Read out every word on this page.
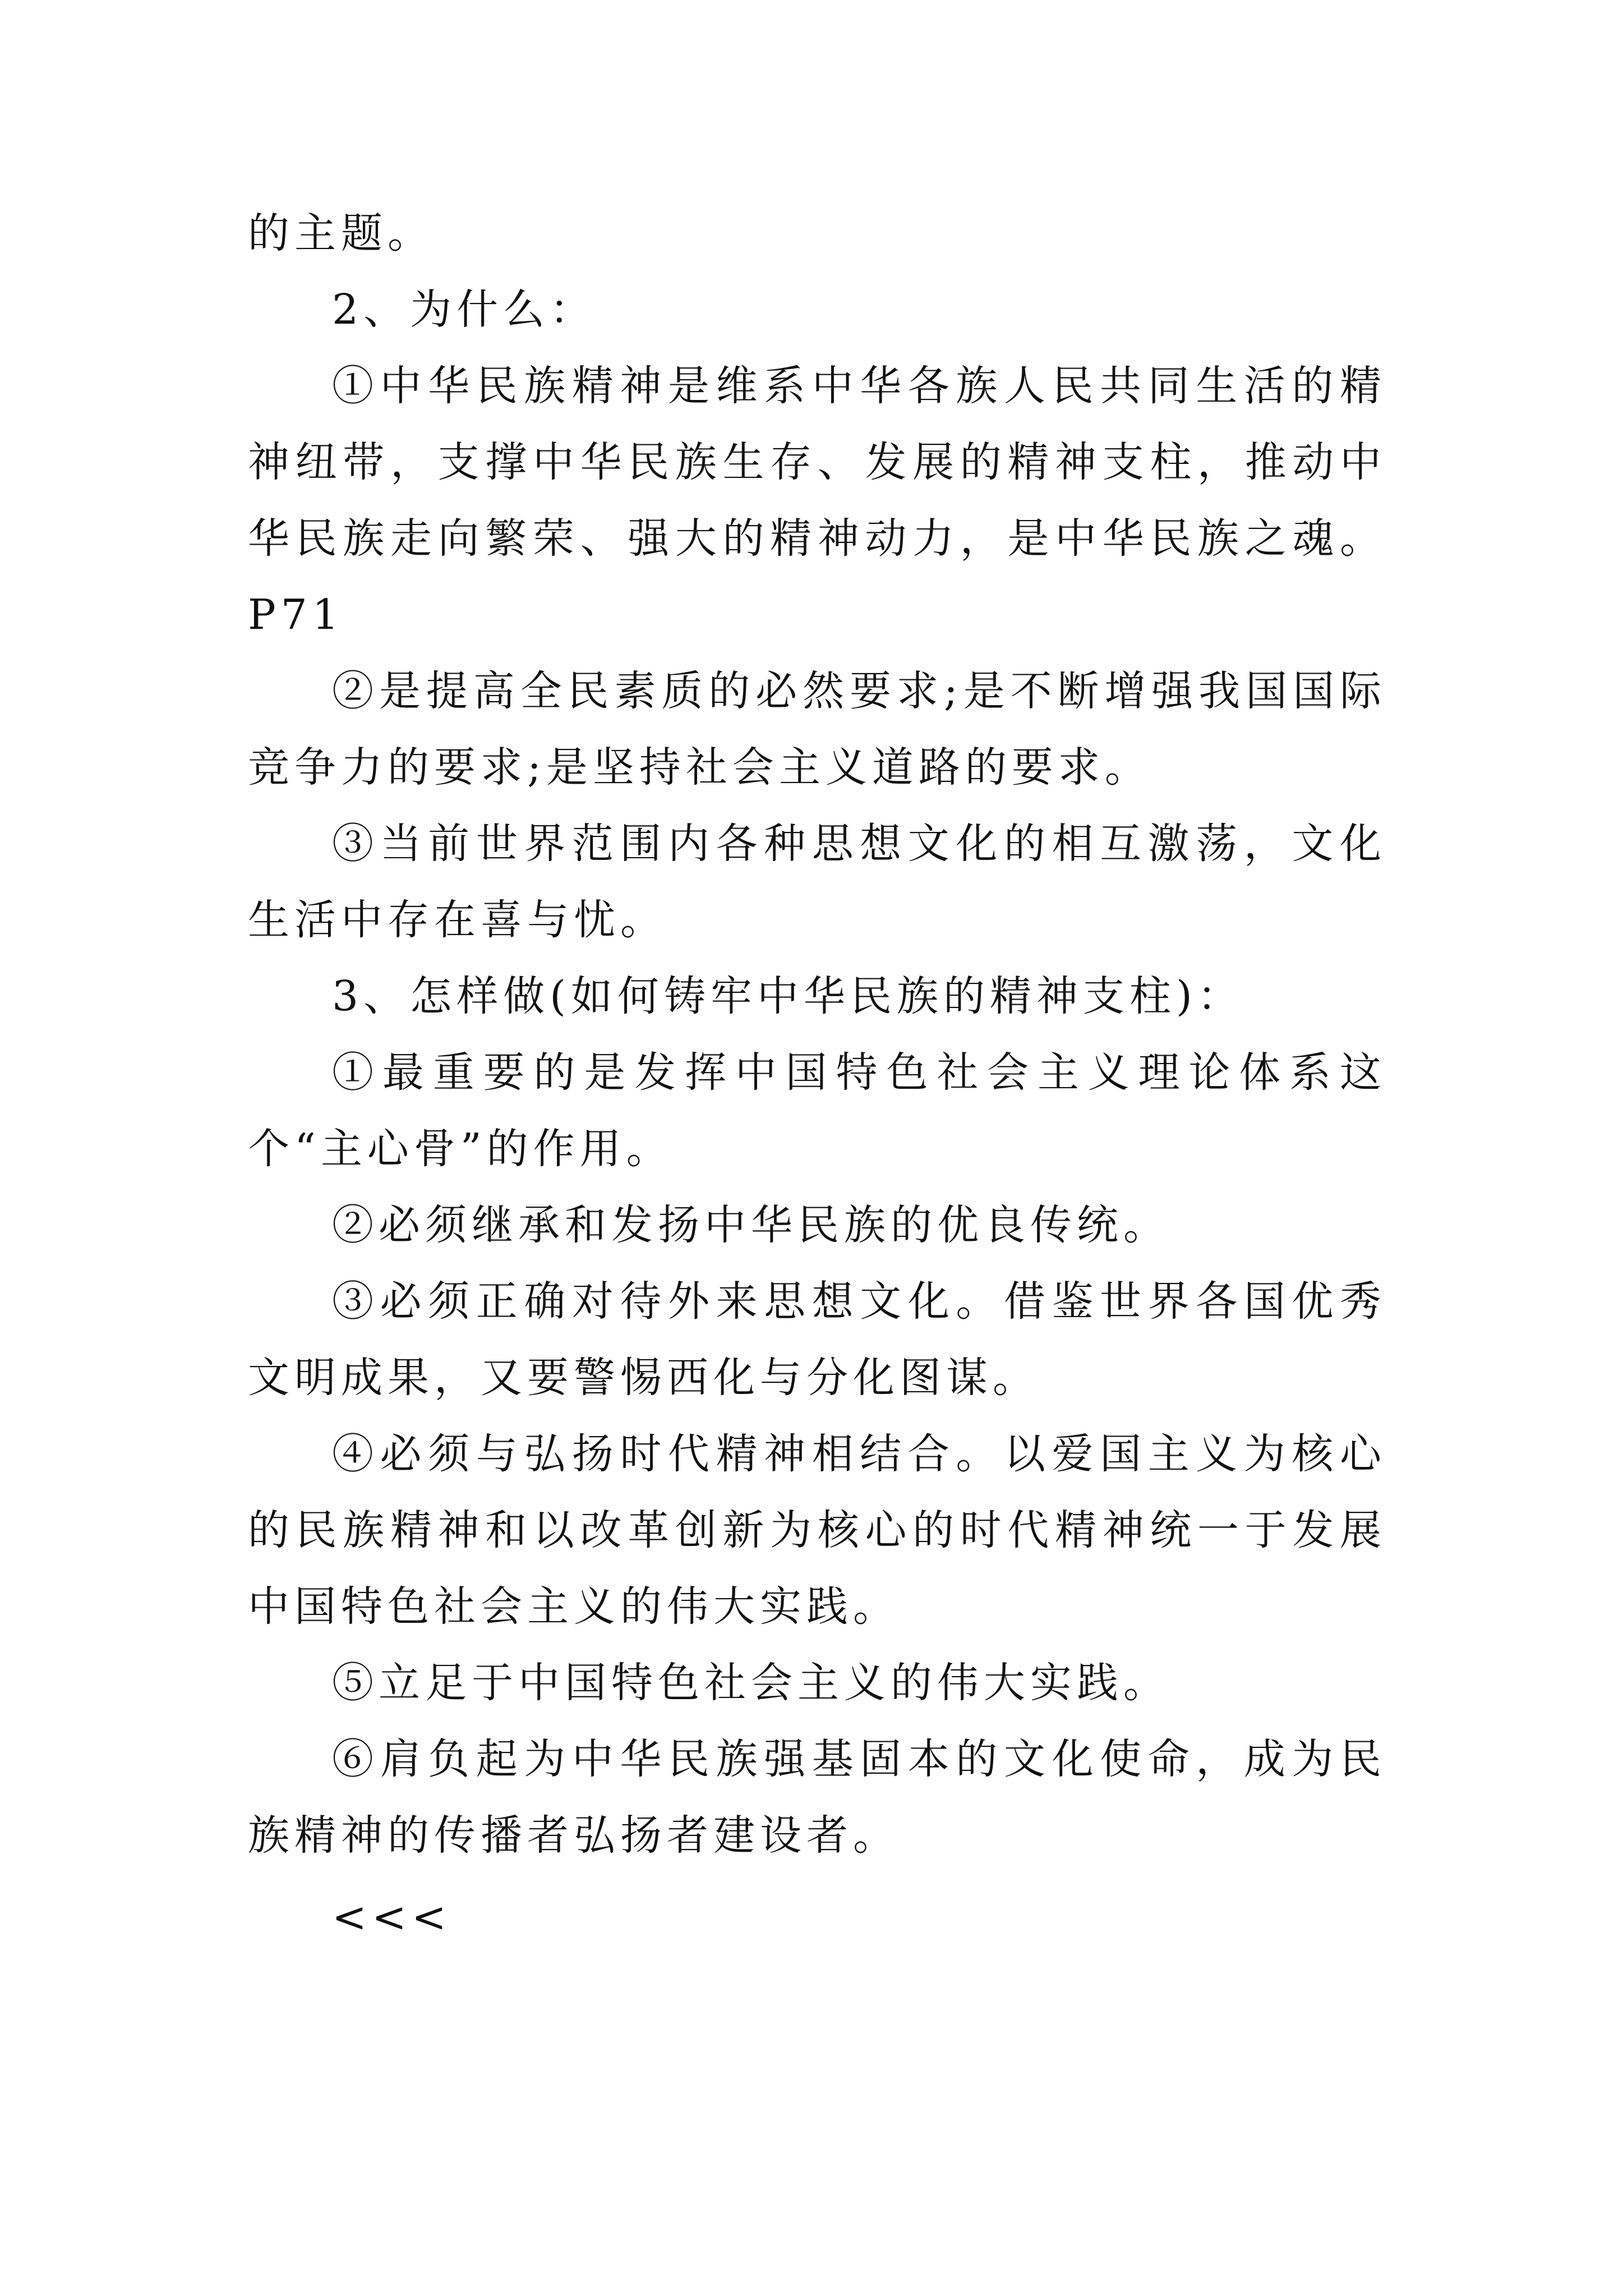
的主题。

2、为什么：

①中华民族精神是维系中华各族人民共同生活的精神纽带，支撑中华民族生存、发展的精神支柱，推动中华民族走向繁荣、强大的精神动力，是中华民族之魂。P71

②是提高全民素质的必然要求;是不断增强我国国际竞争力的要求;是坚持社会主义道路的要求。

③当前世界范围内各种思想文化的相互激荡，文化生活中存在喜与忧。

3、怎样做(如何铸牢中华民族的精神支柱)：

①最重要的是发挥中国特色社会主义理论体系这个“主心骨”的作用。

②必须继承和发扬中华民族的优良传统。

③必须正确对待外来思想文化。借鉴世界各国优秀文明成果，又要警惕西化与分化图谋。

④必须与弘扬时代精神相结合。以爱国主义为核心的民族精神和以改革创新为核心的时代精神统一于发展中国特色社会主义的伟大实践。

⑤立足于中国特色社会主义的伟大实践。

⑥肩负起为中华民族强基固本的文化使命，成为民族精神的传播者弘扬者建设者。

<<<
